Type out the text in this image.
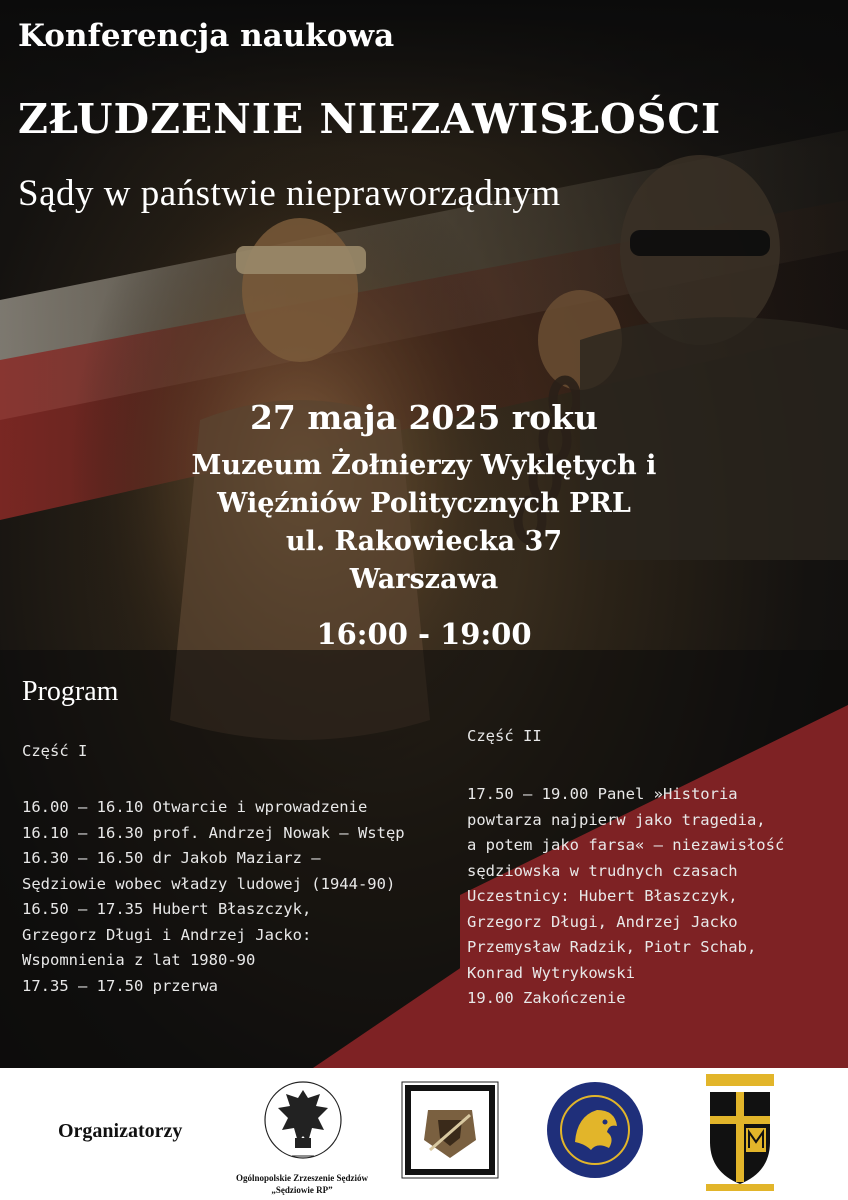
Konferencja naukowa
ZŁUDZENIE NIEZAWISŁOŚCI
Sądy w państwie niepraworządnym
27 maja 2025 roku
Muzeum Żołnierzy Wyklętych i
Więźniów Politycznych PRL
ul. Rakowiecka 37
Warszawa
16:00 - 19:00
Program
Część I
16.00 – 16.10 Otwarcie i wprowadzenie
16.10 – 16.30 prof. Andrzej Nowak – Wstęp
16.30 – 16.50 dr Jakob Maziarz –
Sędziowie wobec władzy ludowej (1944-90)
16.50 – 17.35 Hubert Błaszczyk,
Grzegorz Długi i Andrzej Jacko:
Wspomnienia z lat 1980-90
17.35 – 17.50 przerwa
Część II
17.50 – 19.00 Panel »Historia
powtarza najpierw jako tragedia,
a potem jako farsa« – niezawisłość
sędziowska w trudnych czasach
Uczestnicy: Hubert Błaszczyk,
Grzegorz Długi, Andrzej Jacko
Przemysław Radzik, Piotr Schab,
Konrad Wytrykowski
19.00 Zakończenie
Organizatorzy
Ogólnopolskie Zrzeszenie Sędziów
„Sędziowie RP”
